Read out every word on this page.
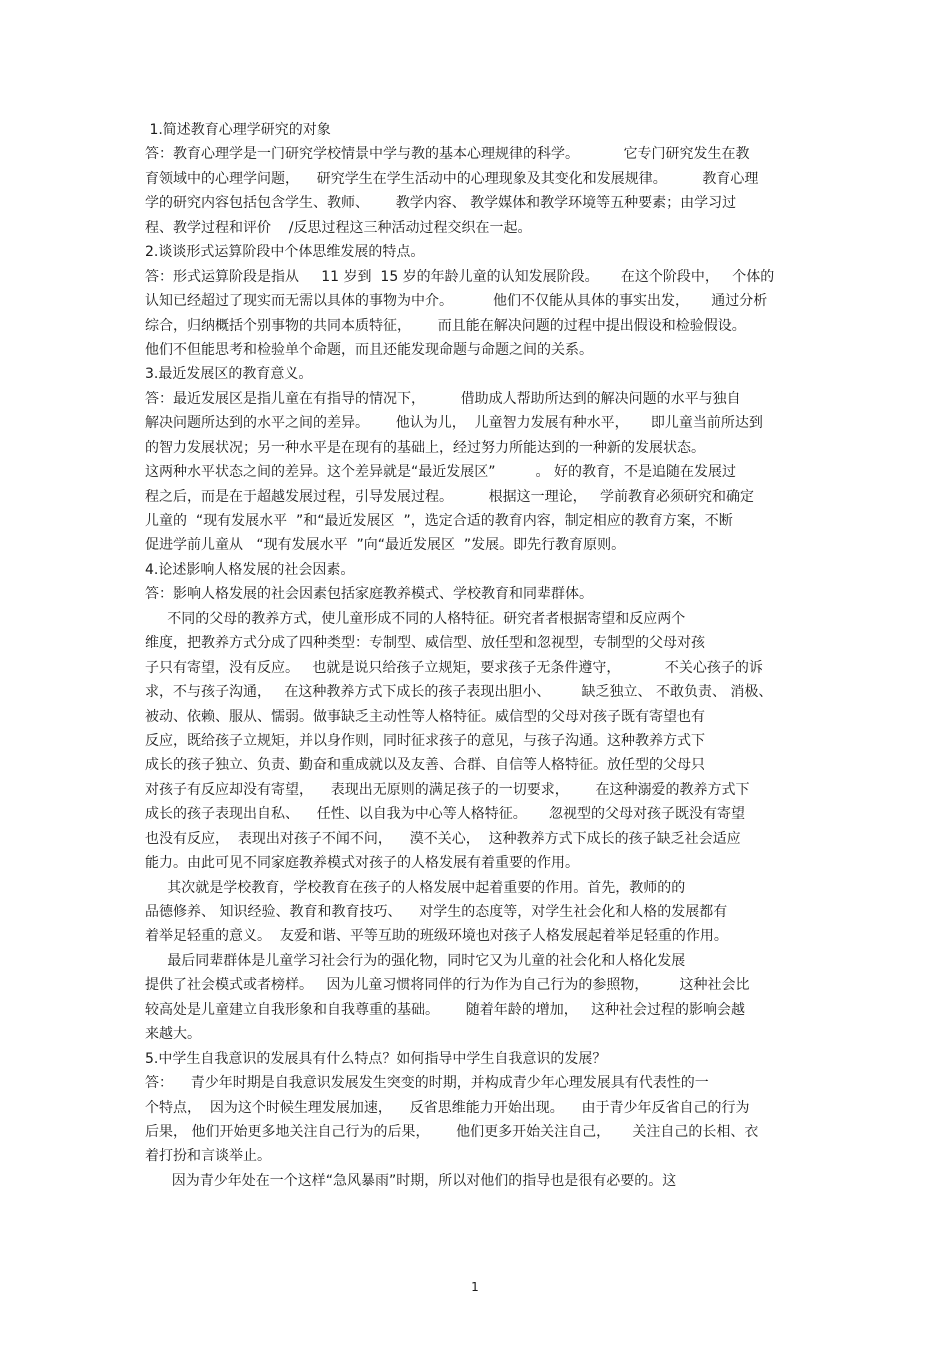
1.简述教育心理学研究的对象
答：教育心理学是一门研究学校情景中学与教的基本心理规律的科学。          它专门研究发生在教
育领域中的心理学问题，    研究学生在学生活动中的心理现象及其变化和发展规律。        教育心理
学的研究内容包括包含学生、教师、      教学内容、 教学媒体和教学环境等五种要素；由学习过
程、教学过程和评价    /反思过程这三种活动过程交织在一起。
2.谈谈形式运算阶段中个体思维发展的特点。
答：形式运算阶段是指从     11 岁到  15 岁的年龄儿童的认知发展阶段。     在这个阶段中，   个体的
认知已经超过了现实而无需以具体的事物为中介。         他们不仅能从具体的事实出发，     通过分析
综合，归纳概括个别事物的共同本质特征，      而且能在解决问题的过程中提出假设和检验假设。
他们不但能思考和检验单个命题，而且还能发现命题与命题之间的关系。
3.最近发展区的教育意义。
答：最近发展区是指儿童在有指导的情况下，        借助成人帮助所达到的解决问题的水平与独自
解决问题所达到的水平之间的差异。      他认为儿，  儿童智力发展有种水平，     即儿童当前所达到
的智力发展状况；另一种水平是在现有的基础上，经过努力所能达到的一种新的发展状态。
这两种水平状态之间的差异。这个差异就是“最近发展区”         。 好的教育，不是追随在发展过
程之后，而是在于超越发展过程，引导发展过程。        根据这一理论，   学前教育必须研究和确定
儿童的  “现有发展水平  ”和“最近发展区  ”，选定合适的教育内容，制定相应的教育方案，不断
促进学前儿童从   “现有发展水平  ”向“最近发展区  ”发展。即先行教育原则。
4.论述影响人格发展的社会因素。
答：影响人格发展的社会因素包括家庭教养模式、学校教育和同辈群体。
不同的父母的教养方式，使儿童形成不同的人格特征。研究者者根据寄望和反应两个
维度，把教养方式分成了四种类型：专制型、威信型、放任型和忽视型，专制型的父母对孩
子只有寄望，没有反应。   也就是说只给孩子立规矩，要求孩子无条件遵守，          不关心孩子的诉
求，不与孩子沟通，   在这种教养方式下成长的孩子表现出胆小、       缺乏独立、 不敢负责、 消极、
被动、依赖、服从、懦弱。做事缺乏主动性等人格特征。威信型的父母对孩子既有寄望也有
反应，既给孩子立规矩，并以身作则，同时征求孩子的意见，与孩子沟通。这种教养方式下
成长的孩子独立、负责、勤奋和重成就以及友善、合群、自信等人格特征。放任型的父母只
对孩子有反应却没有寄望，    表现出无原则的满足孩子的一切要求，      在这种溺爱的教养方式下
成长的孩子表现出自私、    任性、以自我为中心等人格特征。     忽视型的父母对孩子既没有寄望
也没有反应，  表现出对孩子不闻不问，    漠不关心，  这种教养方式下成长的孩子缺乏社会适应
能力。由此可见不同家庭教养模式对孩子的人格发展有着重要的作用。
其次就是学校教育，学校教育在孩子的人格发展中起着重要的作用。首先，教师的的
品德修养、 知识经验、教育和教育技巧、    对学生的态度等，对学生社会化和人格的发展都有
着举足轻重的意义。  友爱和谐、平等互助的班级环境也对孩子人格发展起着举足轻重的作用。
最后同辈群体是儿童学习社会行为的强化物，同时它又为儿童的社会化和人格化发展
提供了社会模式或者榜样。   因为儿童习惯将同伴的行为作为自己行为的参照物，       这种社会比
较高处是儿童建立自我形象和自我尊重的基础。      随着年龄的增加，   这种社会过程的影响会越
来越大。
5.中学生自我意识的发展具有什么特点？如何指导中学生自我意识的发展？
答：    青少年时期是自我意识发展发生突变的时期，并构成青少年心理发展具有代表性的一
个特点，  因为这个时候生理发展加速，    反省思维能力开始出现。    由于青少年反省自己的行为
后果， 他们开始更多地关注自己行为的后果，      他们更多开始关注自己，     关注自己的长相、衣
着打扮和言谈举止。
因为青少年处在一个这样“急风暴雨”时期，所以对他们的指导也是很有必要的。这
1
